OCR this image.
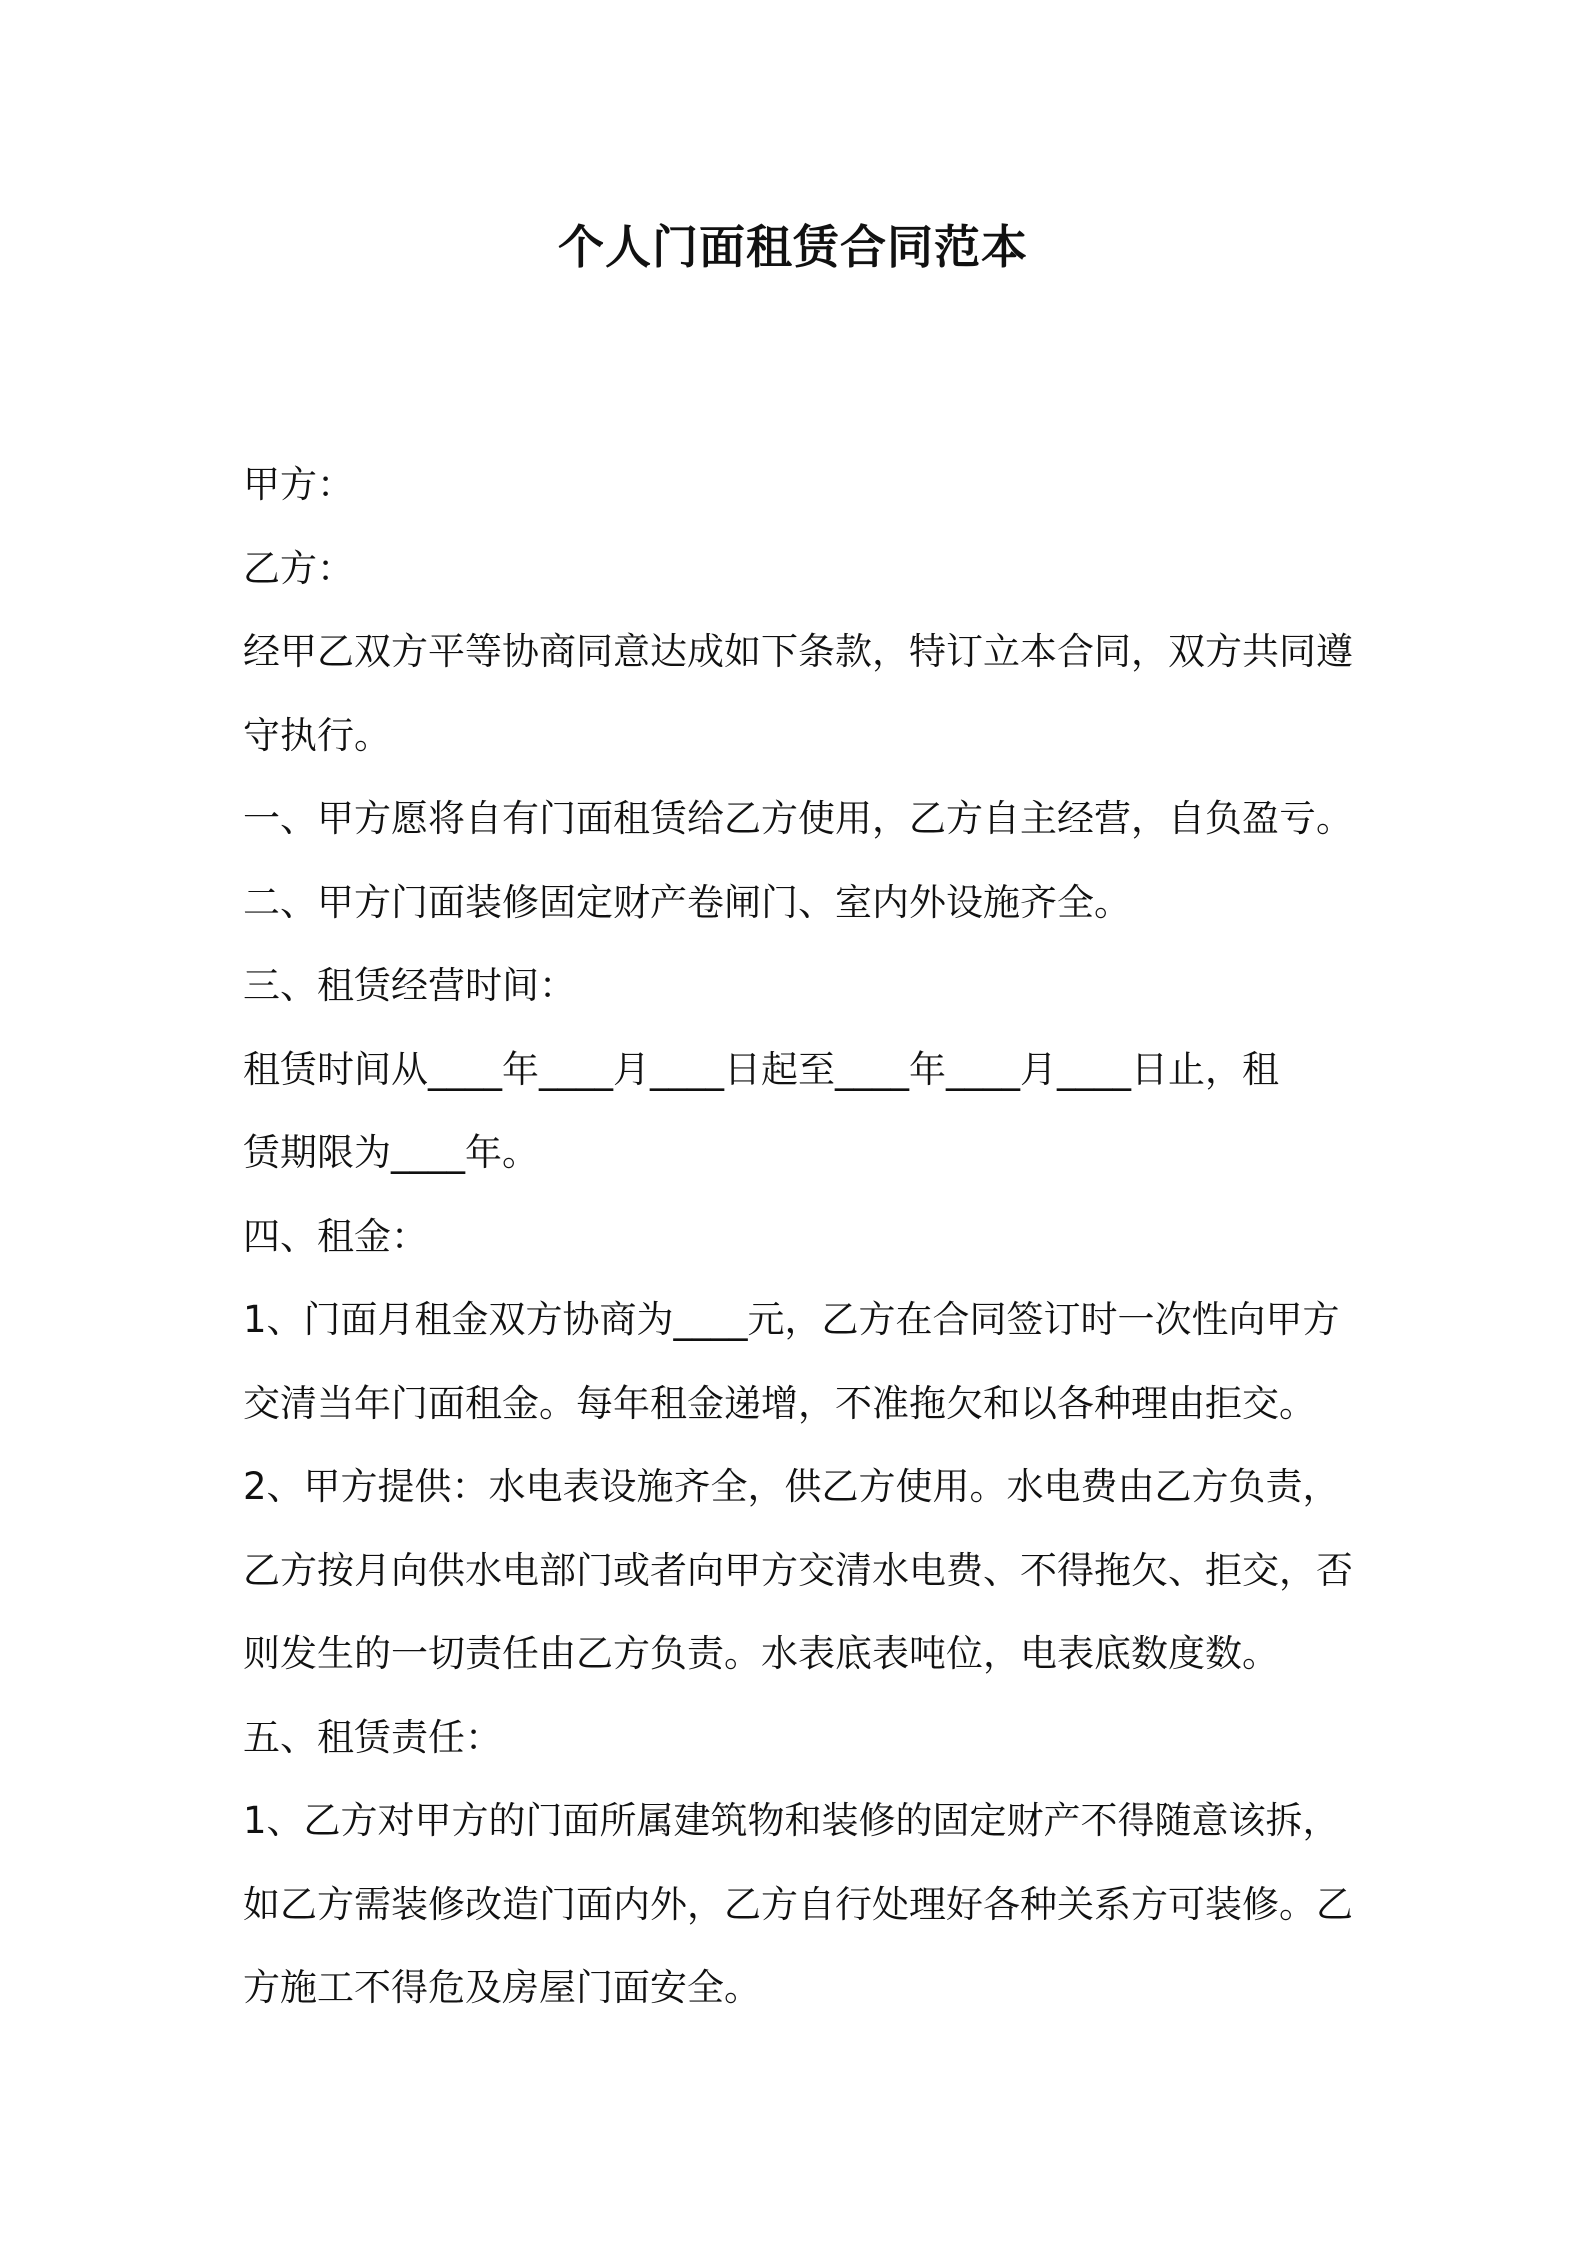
个人门面租赁合同范本
甲方：
乙方：
经甲乙双方平等协商同意达成如下条款，特订立本合同，双方共同遵
守执行。
一、甲方愿将自有门面租赁给乙方使用，乙方自主经营，自负盈亏。
二、甲方门面装修固定财产卷闸门、室内外设施齐全。
三、租赁经营时间：
租赁时间从____年____月____日起至____年____月____日止，租
赁期限为____年。
四、租金：
1、门面月租金双方协商为____元，乙方在合同签订时一次性向甲方
交清当年门面租金。每年租金递增，不准拖欠和以各种理由拒交。
2、甲方提供：水电表设施齐全，供乙方使用。水电费由乙方负责，
乙方按月向供水电部门或者向甲方交清水电费、不得拖欠、拒交，否
则发生的一切责任由乙方负责。水表底表吨位，电表底数度数。
五、租赁责任：
1、乙方对甲方的门面所属建筑物和装修的固定财产不得随意该拆，
如乙方需装修改造门面内外，乙方自行处理好各种关系方可装修。乙
方施工不得危及房屋门面安全。
